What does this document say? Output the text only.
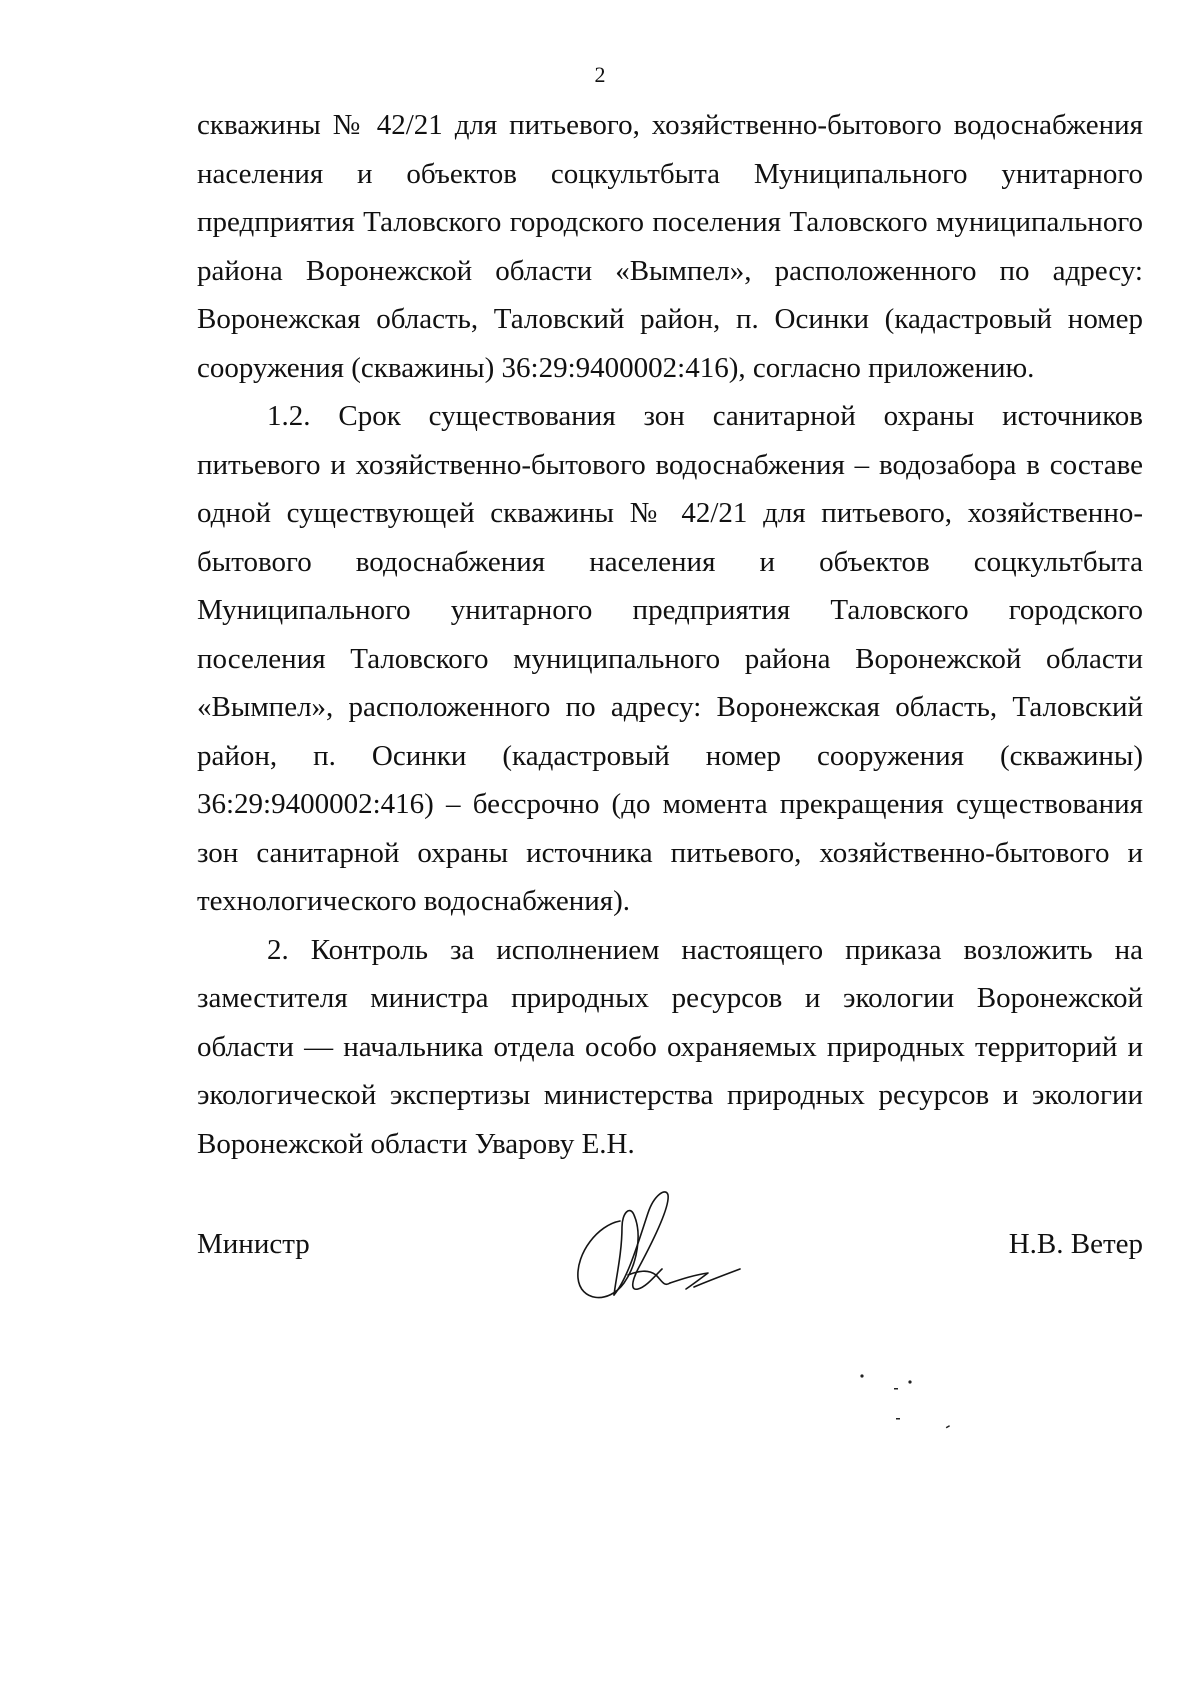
2

скважины № 42/21 для питьевого, хозяйственно-бытового водоснабжения населения и объектов соцкультбыта Муниципального унитарного предприятия Таловского городского поселения Таловского муниципального района Воронежской области «Вымпел», расположенного по адресу: Воронежская область, Таловский район, п. Осинки (кадастровый номер сооружения (скважины) 36:29:9400002:416), согласно приложению.

1.2. Срок существования зон санитарной охраны источников питьевого и хозяйственно-бытового водоснабжения – водозабора в составе одной существующей скважины № 42/21 для питьевого, хозяйственно-бытового водоснабжения населения и объектов соцкультбыта Муниципального унитарного предприятия Таловского городского поселения Таловского муниципального района Воронежской области «Вымпел», расположенного по адресу: Воронежская область, Таловский район, п. Осинки (кадастровый номер сооружения (скважины) 36:29:9400002:416) – бессрочно (до момента прекращения существования зон санитарной охраны источника питьевого, хозяйственно-бытового и технологического водоснабжения).

2. Контроль за исполнением настоящего приказа возложить на заместителя министра природных ресурсов и экологии Воронежской области — начальника отдела особо охраняемых природных территорий и экологической экспертизы министерства природных ресурсов и экологии Воронежской области Уварову Е.Н.

Министр	Н.В. Ветер
